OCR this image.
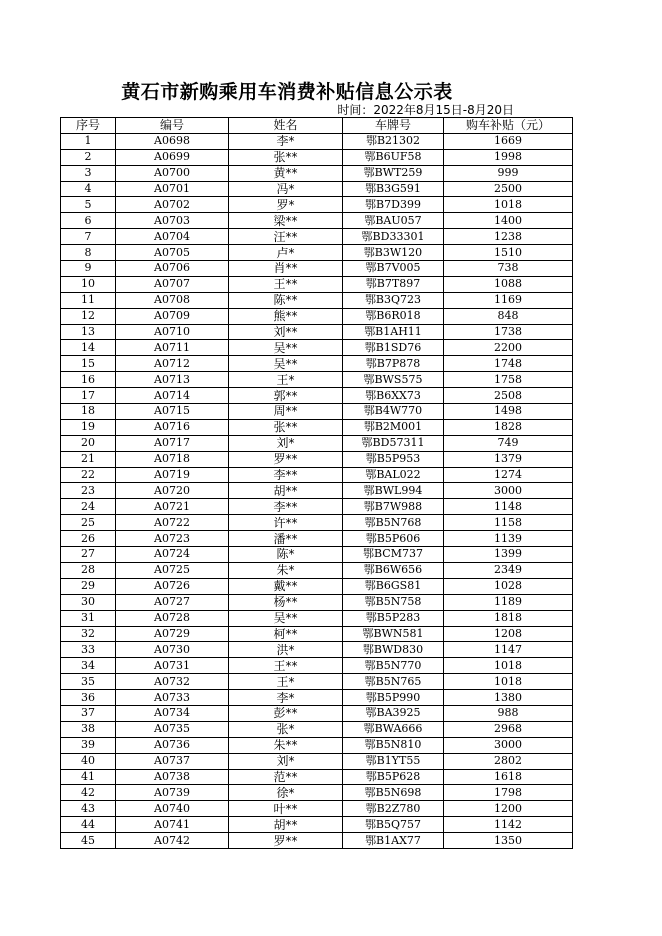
黄石市新购乘用车消费补贴信息公示表
时间：2022年8月15日-8月20日
序号	编号	姓名	车牌号	购车补贴（元）
1	A0698	李*	鄂B21302	1669
2	A0699	张**	鄂B6UF58	1998
3	A0700	黄**	鄂BWT259	999
4	A0701	冯*	鄂B3G591	2500
5	A0702	罗*	鄂B7D399	1018
6	A0703	梁**	鄂BAU057	1400
7	A0704	汪**	鄂BD33301	1238
8	A0705	卢*	鄂B3W120	1510
9	A0706	肖**	鄂B7V005	738
10	A0707	王**	鄂B7T897	1088
11	A0708	陈**	鄂B3Q723	1169
12	A0709	熊**	鄂B6R018	848
13	A0710	刘**	鄂B1AH11	1738
14	A0711	吴**	鄂B1SD76	2200
15	A0712	吴**	鄂B7P878	1748
16	A0713	王*	鄂BWS575	1758
17	A0714	郭**	鄂B6XX73	2508
18	A0715	周**	鄂B4W770	1498
19	A0716	张**	鄂B2M001	1828
20	A0717	刘*	鄂BD57311	749
21	A0718	罗**	鄂B5P953	1379
22	A0719	李**	鄂BAL022	1274
23	A0720	胡**	鄂BWL994	3000
24	A0721	李**	鄂B7W988	1148
25	A0722	许**	鄂B5N768	1158
26	A0723	潘**	鄂B5P606	1139
27	A0724	陈*	鄂BCM737	1399
28	A0725	朱*	鄂B6W656	2349
29	A0726	戴**	鄂B6GS81	1028
30	A0727	杨**	鄂B5N758	1189
31	A0728	吴**	鄂B5P283	1818
32	A0729	柯**	鄂BWN581	1208
33	A0730	洪*	鄂BWD830	1147
34	A0731	王**	鄂B5N770	1018
35	A0732	王*	鄂B5N765	1018
36	A0733	李*	鄂B5P990	1380
37	A0734	彭**	鄂BA3925	988
38	A0735	张*	鄂BWA666	2968
39	A0736	朱**	鄂B5N810	3000
40	A0737	刘*	鄂B1YT55	2802
41	A0738	范**	鄂B5P628	1618
42	A0739	徐*	鄂B5N698	1798
43	A0740	叶**	鄂B2Z780	1200
44	A0741	胡**	鄂B5Q757	1142
45	A0742	罗**	鄂B1AX77	1350
